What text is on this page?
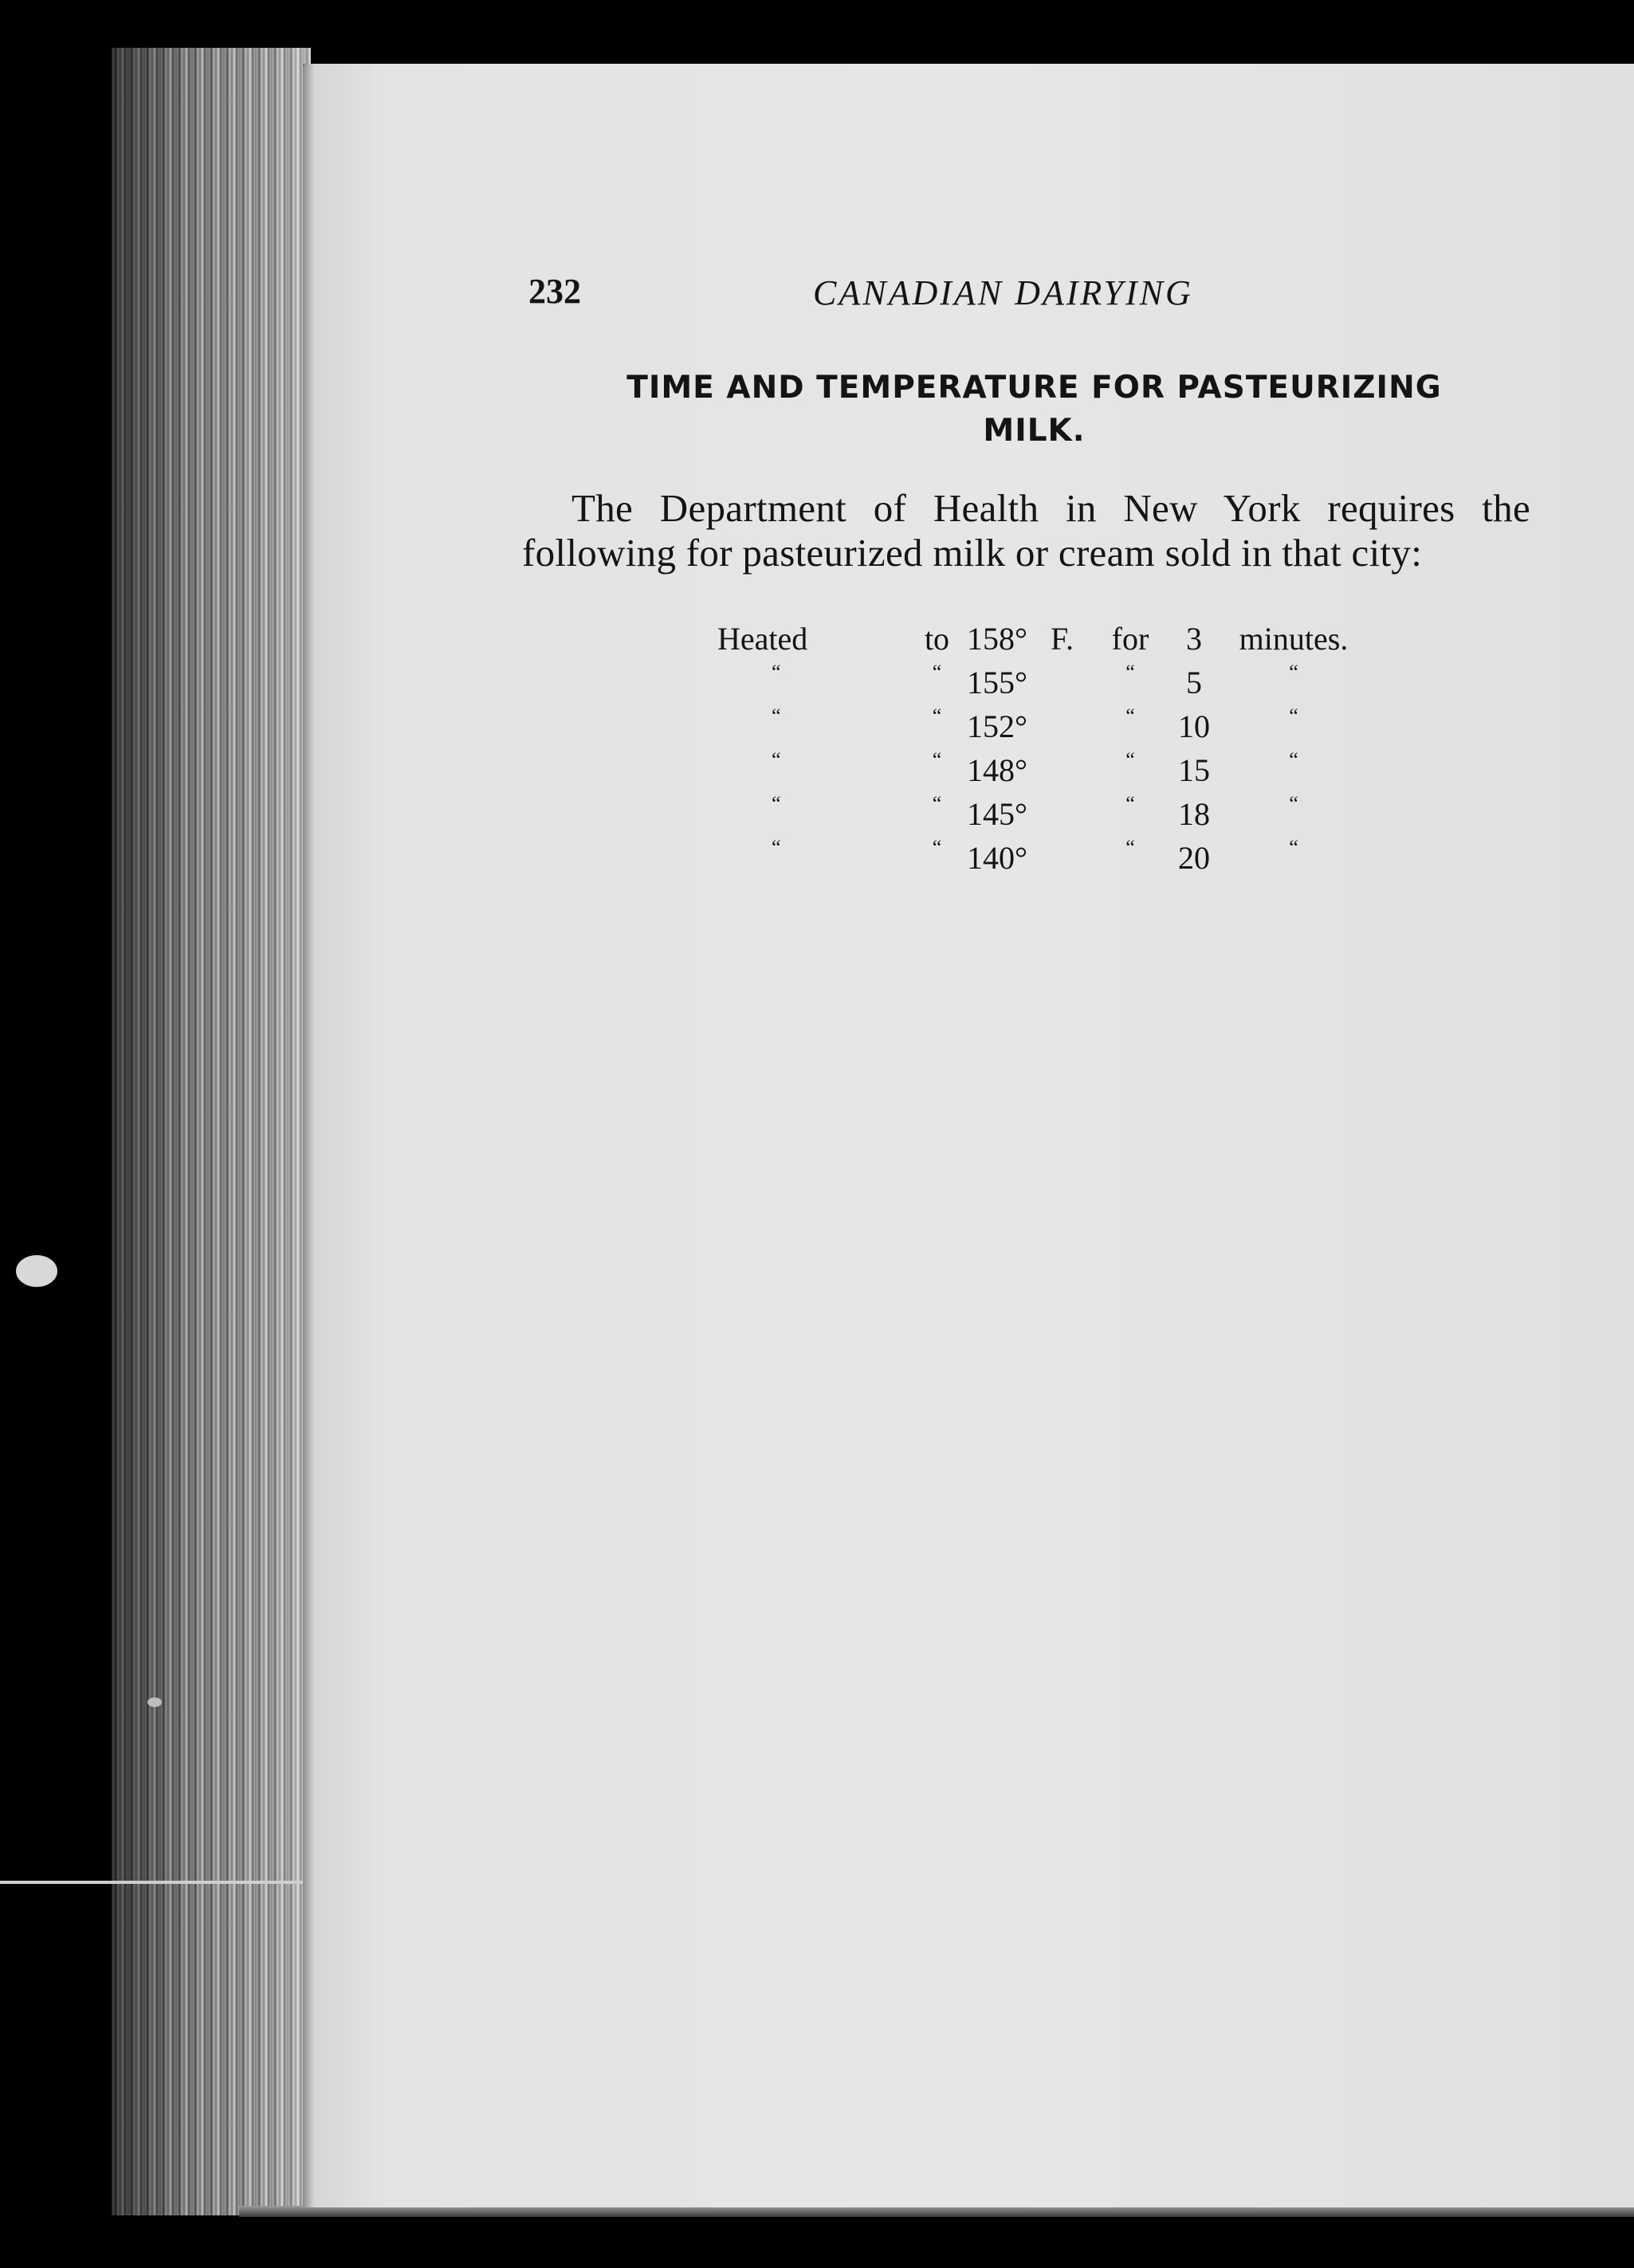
232	CANADIAN DAIRYING
TIME AND TEMPERATURE FOR PASTEURIZING
MILK.

The Department of Health in New York requires the following for pasteurized milk or cream sold in that city:

Heated	to	158°	F.	for	3	minutes.
“	“	155°		“	5	“
“	“	152°		“	10	“
“	“	148°		“	15	“
“	“	145°		“	18	“
“	“	140°		“	20	“
